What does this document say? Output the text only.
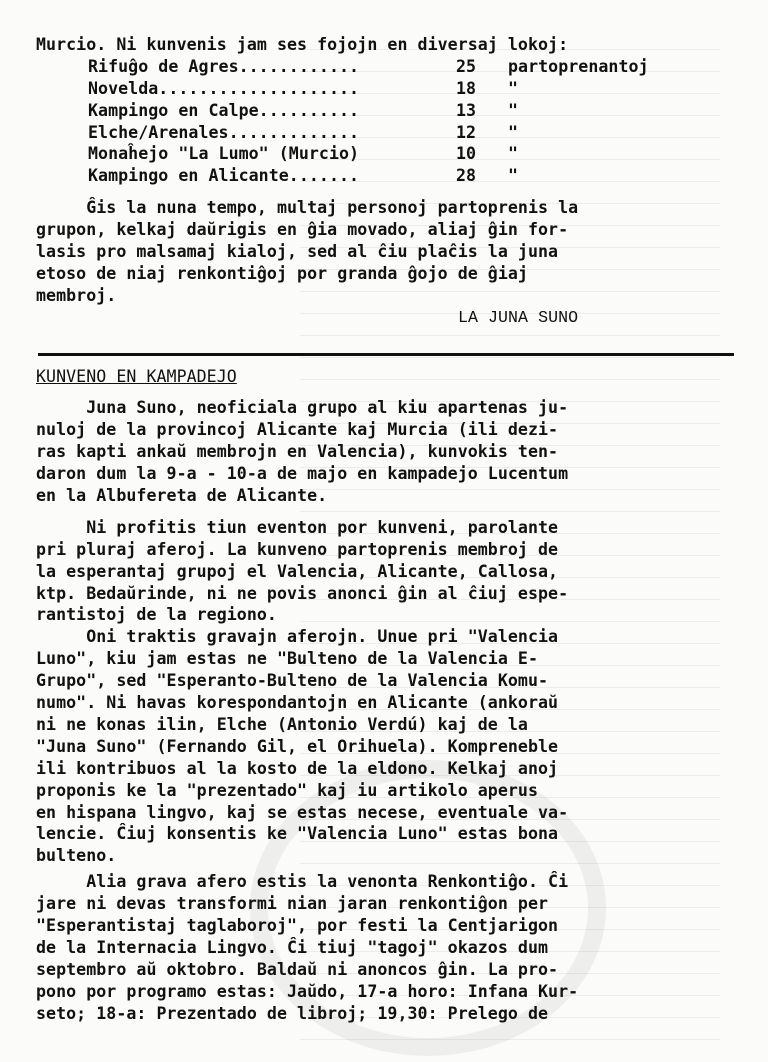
Murcio. Ni kunvenis jam ses fojojn en diversaj lokoj:
Rifuĝo de Agres............	25	partoprenantoj
Novelda....................	18	"
Kampingo en Calpe..........	13	"
Elche/Arenales.............	12	"
Monaĥejo "La Lumo" (Murcio)	10	"
Kampingo en Alicante.......	28	"
Ĝis la nuna tempo, multaj personoj partoprenis la
grupon, kelkaj daŭrigis en ĝia movado, aliaj ĝin for-
lasis pro malsamaj kialoj, sed al ĉiu plaĉis la juna
etoso de niaj renkontiĝoj por granda ĝojo de ĝiaj
membroj.
LA JUNA SUNO
KUNVENO EN KAMPADEJO
Juna Suno, neoficiala grupo al kiu apartenas ju-
nuloj de la provincoj Alicante kaj Murcia (ili dezi-
ras kapti ankaŭ membrojn en Valencia), kunvokis ten-
daron dum la 9-a - 10-a de majo en kampadejo Lucentum
en la Albufereta de Alicante.
Ni profitis tiun eventon por kunveni, parolante
pri pluraj aferoj. La kunveno partoprenis membroj de
la esperantaj grupoj el Valencia, Alicante, Callosa,
ktp. Bedaŭrinde, ni ne povis anonci ĝin al ĉiuj espe-
rantistoj de la regiono.
Oni traktis gravajn aferojn. Unue pri "Valencia
Luno", kiu jam estas ne "Bulteno de la Valencia E-
Grupo", sed "Esperanto-Bulteno de la Valencia Komu-
numo". Ni havas korespondantojn en Alicante (ankoraŭ
ni ne konas ilin, Elche (Antonio Verdú) kaj de la
"Juna Suno" (Fernando Gil, el Orihuela). Kompreneble
ili kontribuos al la kosto de la eldono. Kelkaj anoj
proponis ke la "prezentado" kaj iu artikolo aperus
en hispana lingvo, kaj se estas necese, eventuale va-
lencie. Ĉiuj konsentis ke "Valencia Luno" estas bona
bulteno.
Alia grava afero estis la venonta Renkontiĝo. Ĉi
jare ni devas transformi nian jaran renkontiĝon per
"Esperantistaj taglaboroj", por festi la Centjarigon
de la Internacia Lingvo. Ĉi tiuj "tagoj" okazos dum
septembro aŭ oktobro. Baldaŭ ni anoncos ĝin. La pro-
pono por programo estas: Jaŭdo, 17-a horo: Infana Kur-
seto; 18-a: Prezentado de libroj; 19,30: Prelego de
